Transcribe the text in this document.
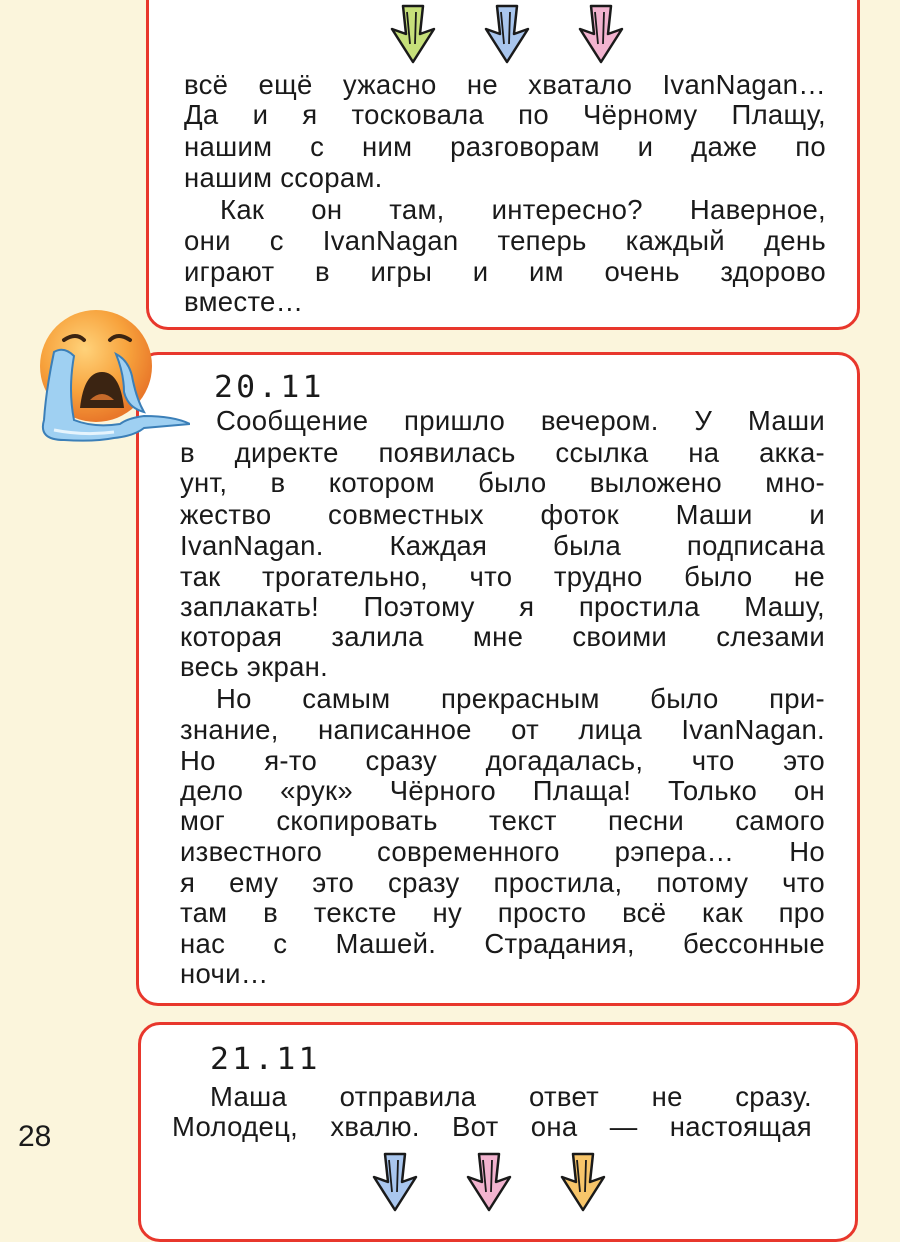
всё ещё ужасно не хватало IvanNagan…

Да и я тосковала по Чёрному Плащу,

нашим с ним разговорам и даже по

нашим ссорам.

Как он там, интересно? Наверное,

они с IvanNagan теперь каждый день

играют в игры и им очень здорово

вместе…

20.11

Сообщение пришло вечером. У Маши

в директе появилась ссылка на акка-

унт, в котором было выложено мно-

жество совместных фоток Маши и

IvanNagan. Каждая была подписана

так трогательно, что трудно было не

заплакать! Поэтому я простила Машу,

которая залила мне своими слезами

весь экран.

Но самым прекрасным было при-

знание, написанное от лица IvanNagan.

Но я-то сразу догадалась, что это

дело «рук» Чёрного Плаща! Только он

мог скопировать текст песни самого

известного современного рэпера… Но

я ему это сразу простила, потому что

там в тексте ну просто всё как про

нас с Машей. Страдания, бессонные

ночи…

21.11

Маша отправила ответ не сразу.

Молодец, хвалю. Вот она — настоящая

28
